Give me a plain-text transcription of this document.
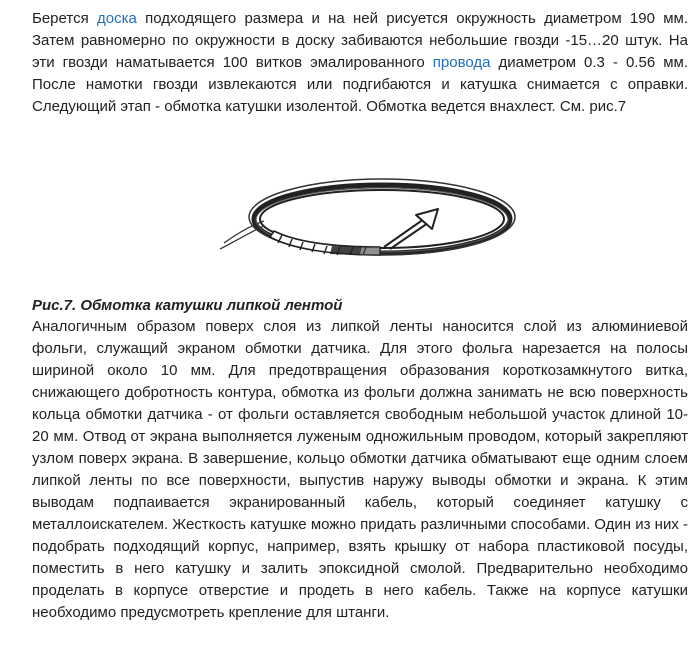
Берется доска подходящего размера и на ней рисуется окружность диаметром 190 мм. Затем равномерно по окружности в доску забиваются небольшие гвозди -15…20 штук. На эти гвозди наматывается 100 витков эмалированного провода диаметром 0.3 - 0.56 мм. После намотки гвозди извлекаются или подгибаются и катушка снимается с оправки. Следующий этап - обмотка катушки изолентой. Обмотка ведется внахлест. См. рис.7

Рис.7. Обмотка катушки липкой лентой

Аналогичным образом поверх слоя из липкой ленты наносится слой из алюминиевой фольги, служащий экраном обмотки датчика. Для этого фольга нарезается на полосы шириной около 10 мм. Для предотвращения образования короткозамкнутого витка, снижающего добротность контура, обмотка из фольги должна занимать не всю поверхность кольца обмотки датчика - от фольги оставляется свободным небольшой участок длиной 10-20 мм. Отвод от экрана выполняется луженым одножильным проводом, который закрепляют узлом поверх экрана. В завершение, кольцо обмотки датчика обматывают еще одним слоем липкой ленты по все поверхности, выпустив наружу выводы обмотки и экрана. К этим выводам подпаивается экранированный кабель, который соединяет катушку с металлоискателем. Жесткость катушке можно придать различными способами. Один из них - подобрать подходящий корпус, например, взять крышку от набора пластиковой посуды, поместить в него катушку и залить эпоксидной смолой. Предварительно необходимо проделать в корпусе отверстие и продеть в него кабель. Также на корпусе катушки необходимо предусмотреть крепление для штанги.
